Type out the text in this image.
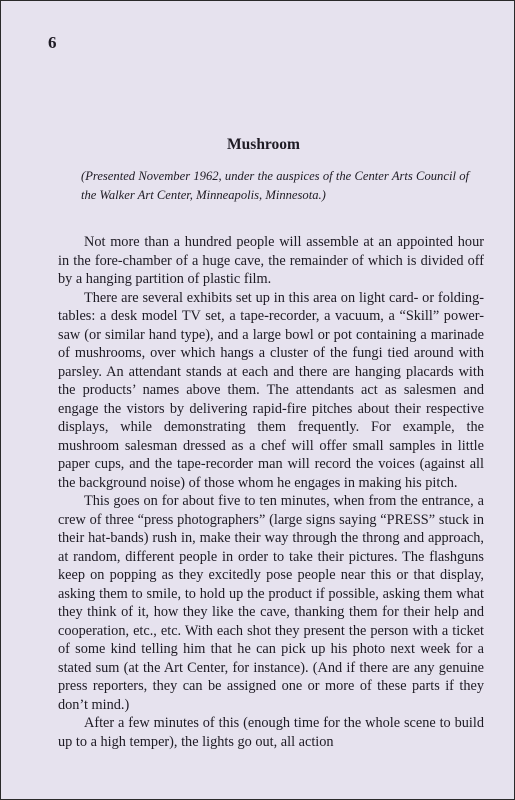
6
Mushroom

(Presented November 1962, under the auspices of the Center Arts Council of the Walker Art Center, Minneapolis, Minnesota.)

Not more than a hundred people will assemble at an appointed hour in the fore-chamber of a huge cave, the remainder of which is divided off by a hanging partition of plastic film.

There are several exhibits set up in this area on light card- or folding-tables: a desk model TV set, a tape-recorder, a vacuum, a “Skill” power-saw (or similar hand type), and a large bowl or pot containing a marinade of mushrooms, over which hangs a cluster of the fungi tied around with parsley. An attendant stands at each and there are hanging placards with the products’ names above them. The attendants act as salesmen and engage the vistors by delivering rapid-fire pitches about their respective displays, while demonstrating them frequently. For example, the mushroom salesman dressed as a chef will offer small samples in little paper cups, and the tape-recorder man will record the voices (against all the background noise) of those whom he engages in making his pitch.

This goes on for about five to ten minutes, when from the entrance, a crew of three “press photographers” (large signs saying “PRESS” stuck in their hat-bands) rush in, make their way through the throng and approach, at random, different people in order to take their pictures. The flashguns keep on popping as they excitedly pose people near this or that display, asking them to smile, to hold up the product if possible, asking them what they think of it, how they like the cave, thanking them for their help and cooperation, etc., etc. With each shot they present the person with a ticket of some kind telling him that he can pick up his photo next week for a stated sum (at the Art Center, for instance). (And if there are any genuine press reporters, they can be assigned one or more of these parts if they don’t mind.)

After a few minutes of this (enough time for the whole scene to build up to a high temper), the lights go out, all action
